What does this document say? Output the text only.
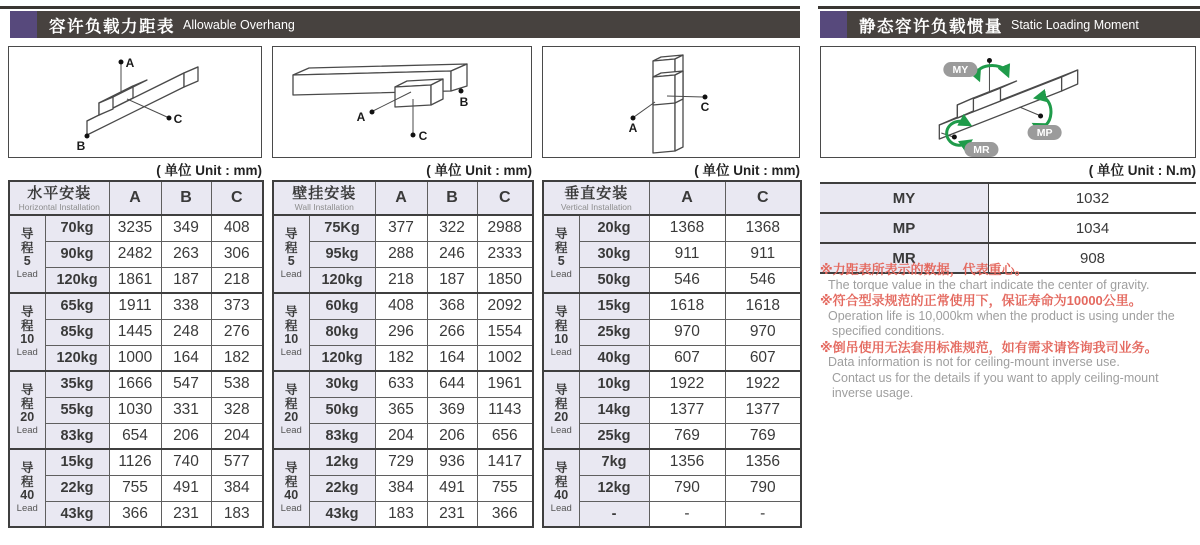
容许负载力距表 Allowable Overhang	静态容许负载惯量 Static Loading Moment
A
C
B
A
C
B
A
C
MY
MP
MR
( 单位 Unit : mm)	( 单位 Unit : mm)	( 单位 Unit : mm)	( 单位 Unit : N.m)
水平安装
Horizontal Installation		A	B	C

导
程
5
Lead	70kg	3235	349	408
	90kg	2482	263	306
	120kg	1861	187	218

导
程
10
Lead	65kg	1911	338	373
	85kg	1445	248	276
	120kg	1000	164	182

导
程
20
Lead	35kg	1666	547	538
	55kg	1030	331	328
	83kg	654	206	204

导
程
40
Lead	15kg	1126	740	577
	22kg	755	491	384
	43kg	366	231	183
壁挂安装
Wall Installation		A	B	C

导
程
5
Lead	75Kg	377	322	2988
	95kg	288	246	2333
	120kg	218	187	1850

导
程
10
Lead	60kg	408	368	2092
	80kg	296	266	1554
	120kg	182	164	1002

导
程
20
Lead	30kg	633	644	1961
	50kg	365	369	1143
	83kg	204	206	656

导
程
40
Lead	12kg	729	936	1417
	22kg	384	491	755
	43kg	183	231	366
垂直安装
Vertical Installation		A	C

导
程
5
Lead	20kg	1368	1368
	30kg	911	911
	50kg	546	546

导
程
10
Lead	15kg	1618	1618
	25kg	970	970
	40kg	607	607

导
程
20
Lead	10kg	1922	1922
	14kg	1377	1377
	25kg	769	769

导
程
40
Lead	7kg	1356	1356
	12kg	790	790
	-	-	-
MY	1032
MP	1034
MR	908
※力距表所表示的数据，代表重心。
The torque value in the chart indicate the center of gravity.
※符合型录规范的正常使用下，保证寿命为10000公里。
Operation life is 10,000km when the product is using under the
specified conditions.
※倒吊使用无法套用标准规范，如有需求请咨询我司业务。
Data information is not for ceiling-mount inverse use.
Contact us for the details if you want to apply ceiling-mount
inverse usage.
